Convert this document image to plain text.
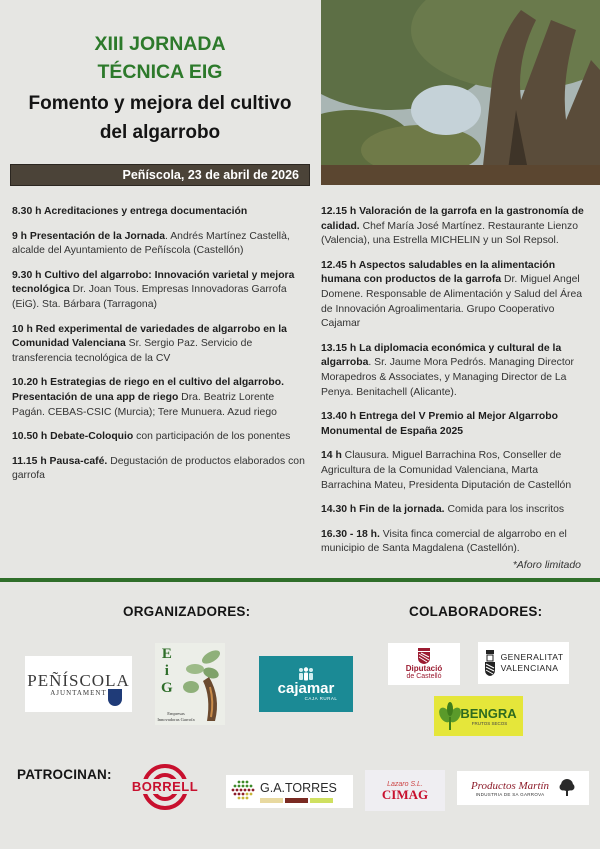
XIII JORNADA
TÉCNICA EIG
Fomento y mejora del cultivo
del algarrobo
Peñíscola, 23 de abril de 2026
8.30 h Acreditaciones y entrega documentación
9 h Presentación de la Jornada. Andrés Martínez Castellà, alcalde del Ayuntamiento de Peñíscola (Castellón)
9.30 h Cultivo del algarrobo: Innovación varietal y mejora tecnológica Dr. Joan Tous. Empresas Innovadoras Garrofa (EiG). Sta. Bárbara (Tarragona)
10 h Red experimental de variedades de algarrobo en la Comunidad Valenciana Sr. Sergio Paz. Servicio de transferencia tecnológica de la CV
10.20 h Estrategias de riego en el cultivo del algarrobo. Presentación de una app de riego Dra. Beatriz Lorente Pagán. CEBAS-CSIC (Murcia); Tere Munuera. Azud riego
10.50 h Debate-Coloquio con participación de los ponentes
11.15 h Pausa-café. Degustación de productos elaborados con garrofa
12.15 h Valoración de la garrofa en la gastronomía de calidad. Chef María José Martínez. Restaurante Lienzo (Valencia), una Estrella MICHELIN y un Sol Repsol.
12.45 h Aspectos saludables en la alimentación humana con productos de la garrofa Dr. Miguel Angel Domene. Responsable de Alimentación y Salud del Área de Innovación Agroalimentaria. Grupo Cooperativo Cajamar
13.15 h La diplomacia económica y cultural de la algarroba. Sr. Jaume Mora Pedrós. Managing Director Morapedros & Associates, y Managing Director de La Penya. Benitachell (Alicante).
13.40 h Entrega del V Premio al Mejor Algarrobo Monumental de España 2025
14 h Clausura. Miguel Barrachina Ros, Conseller de Agricultura de la Comunidad Valenciana, Marta Barrachina Mateu, Presidenta Diputación de Castellón
14.30 h Fin de la jornada. Comida para los inscritos
16.30 - 18 h. Visita finca comercial de algarrobo en el municipio de Santa Magdalena (Castellón).
*Aforo limitado
ORGANIZADORES:	COLABORADORES:
PATROCINAN:
PEÑÍSCOLA
AJUNTAMENT
E
i
G
Empresas Innovadoras Garrofa
cajamar
CAJA RURAL
Diputació
de Castelló
GENERALITAT
VALENCIANA
BENGRA
FRUTOS SECOS
BORRELL	G.A.TORRES	Lazaro S.L.
CIMAG
Productos Martín
INDUSTRIA DE SA GARROVA
